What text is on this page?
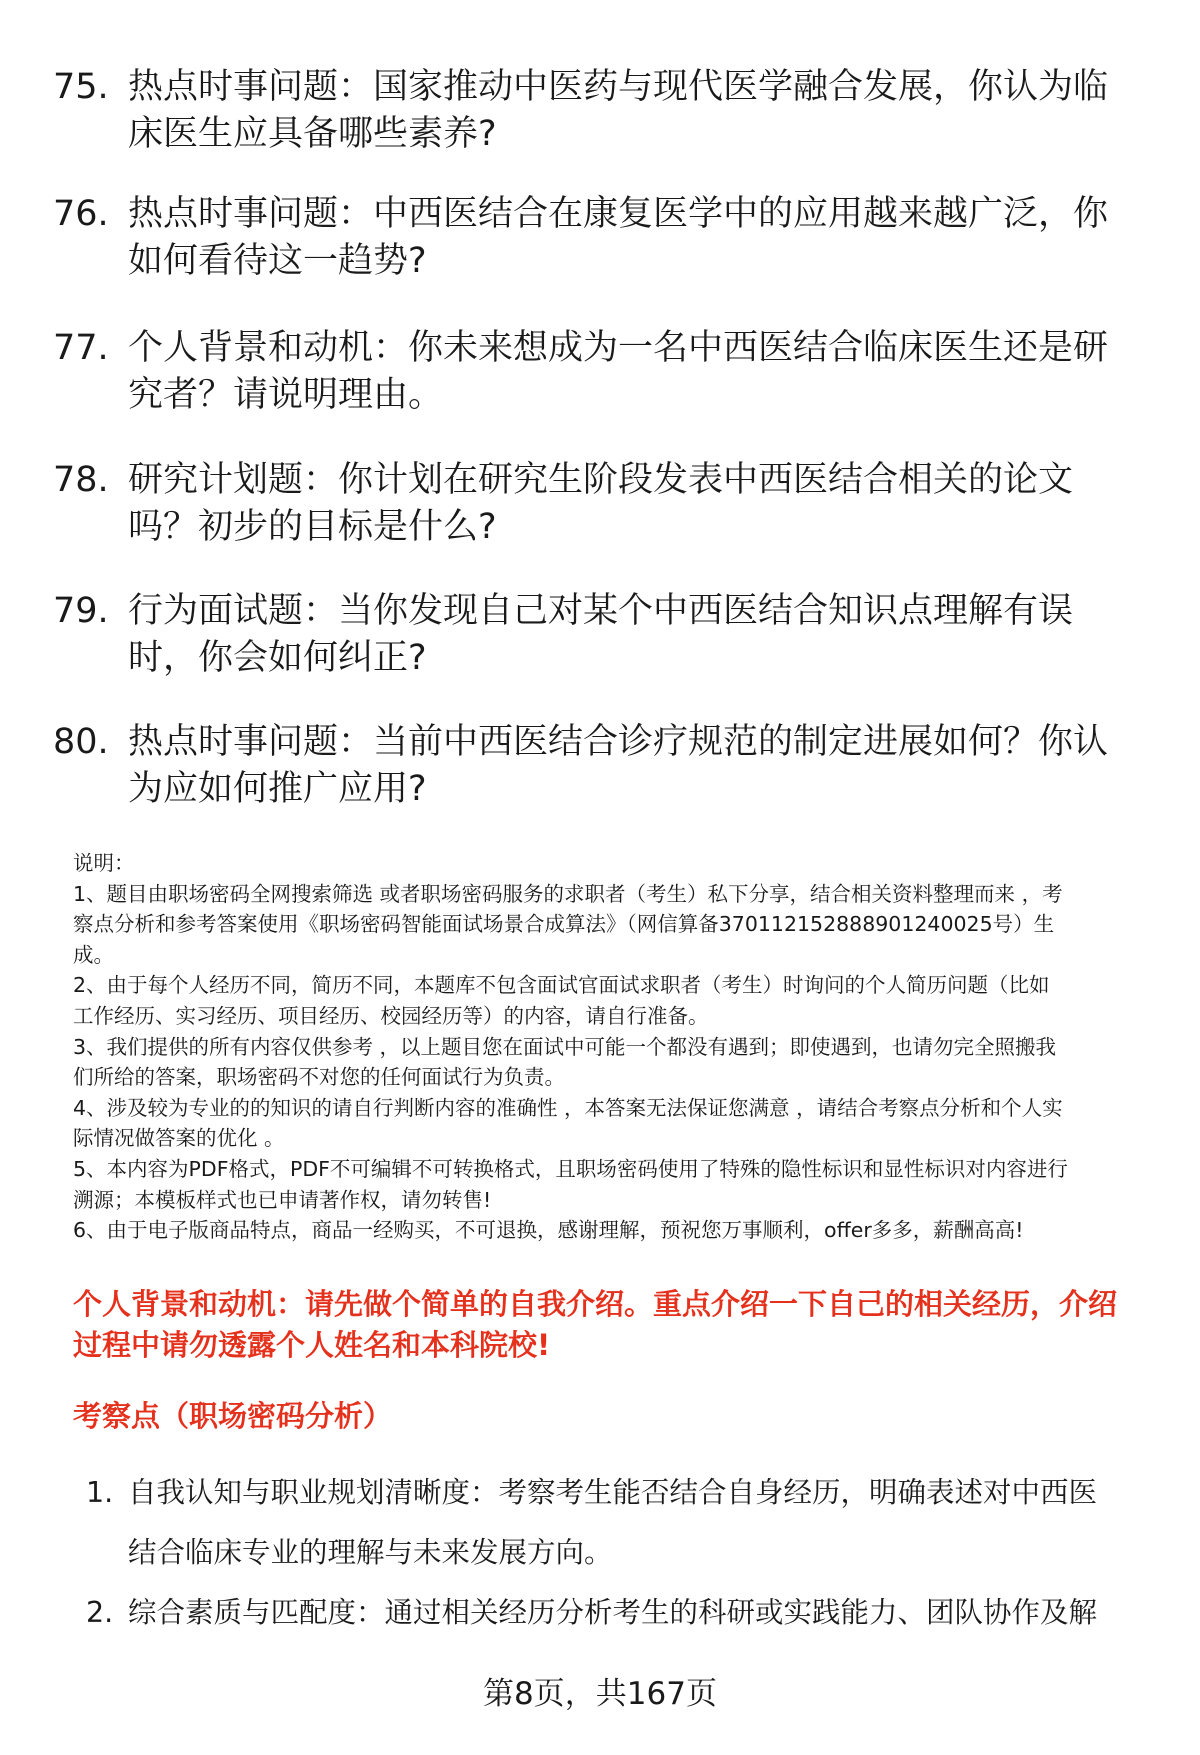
75. 热点时事问题：国家推动中医药与现代医学融合发展，你认为临
床医生应具备哪些素养?
76. 热点时事问题：中西医结合在康复医学中的应用越来越广泛，你
如何看待这一趋势?
77. 个人背景和动机：你未来想成为一名中西医结合临床医生还是研
究者？请说明理由。
78. 研究计划题：你计划在研究生阶段发表中西医结合相关的论文
吗？初步的目标是什么?
79. 行为面试题：当你发现自己对某个中西医结合知识点理解有误
时，你会如何纠正?
80. 热点时事问题：当前中西医结合诊疗规范的制定进展如何？你认
为应如何推广应用?
说明：
1、题目由职场密码全网搜索筛选 或者职场密码服务的求职者（考生）私下分享，结合相关资料整理而来 ，考
察点分析和参考答案使用《职场密码智能面试场景合成算法》（网信算备370112152888901240025号）生
成。
2、由于每个人经历不同，简历不同，本题库不包含面试官面试求职者（考生）时询问的个人简历问题（比如
工作经历、实习经历、项目经历、校园经历等）的内容，请自行准备。
3、我们提供的所有内容仅供参考 ，以上题目您在面试中可能一个都没有遇到；即使遇到，也请勿完全照搬我
们所给的答案，职场密码不对您的任何面试行为负责。
4、涉及较为专业的的知识的请自行判断内容的准确性 ，本答案无法保证您满意 ，请结合考察点分析和个人实
际情况做答案的优化 。
5、本内容为PDF格式，PDF不可编辑不可转换格式，且职场密码使用了特殊的隐性标识和显性标识对内容进行
溯源；本模板样式也已申请著作权，请勿转售!
6、由于电子版商品特点，商品一经购买，不可退换，感谢理解，预祝您万事顺利，offer多多，薪酬高高!
个人背景和动机：请先做个简单的自我介绍。重点介绍一下自己的相关经历，介绍
过程中请勿透露个人姓名和本科院校!
考察点（职场密码分析）
1. 自我认知与职业规划清晰度：考察考生能否结合自身经历，明确表述对中西医
结合临床专业的理解与未来发展方向。
2. 综合素质与匹配度：通过相关经历分析考生的科研或实践能力、团队协作及解
第8页，共167页
